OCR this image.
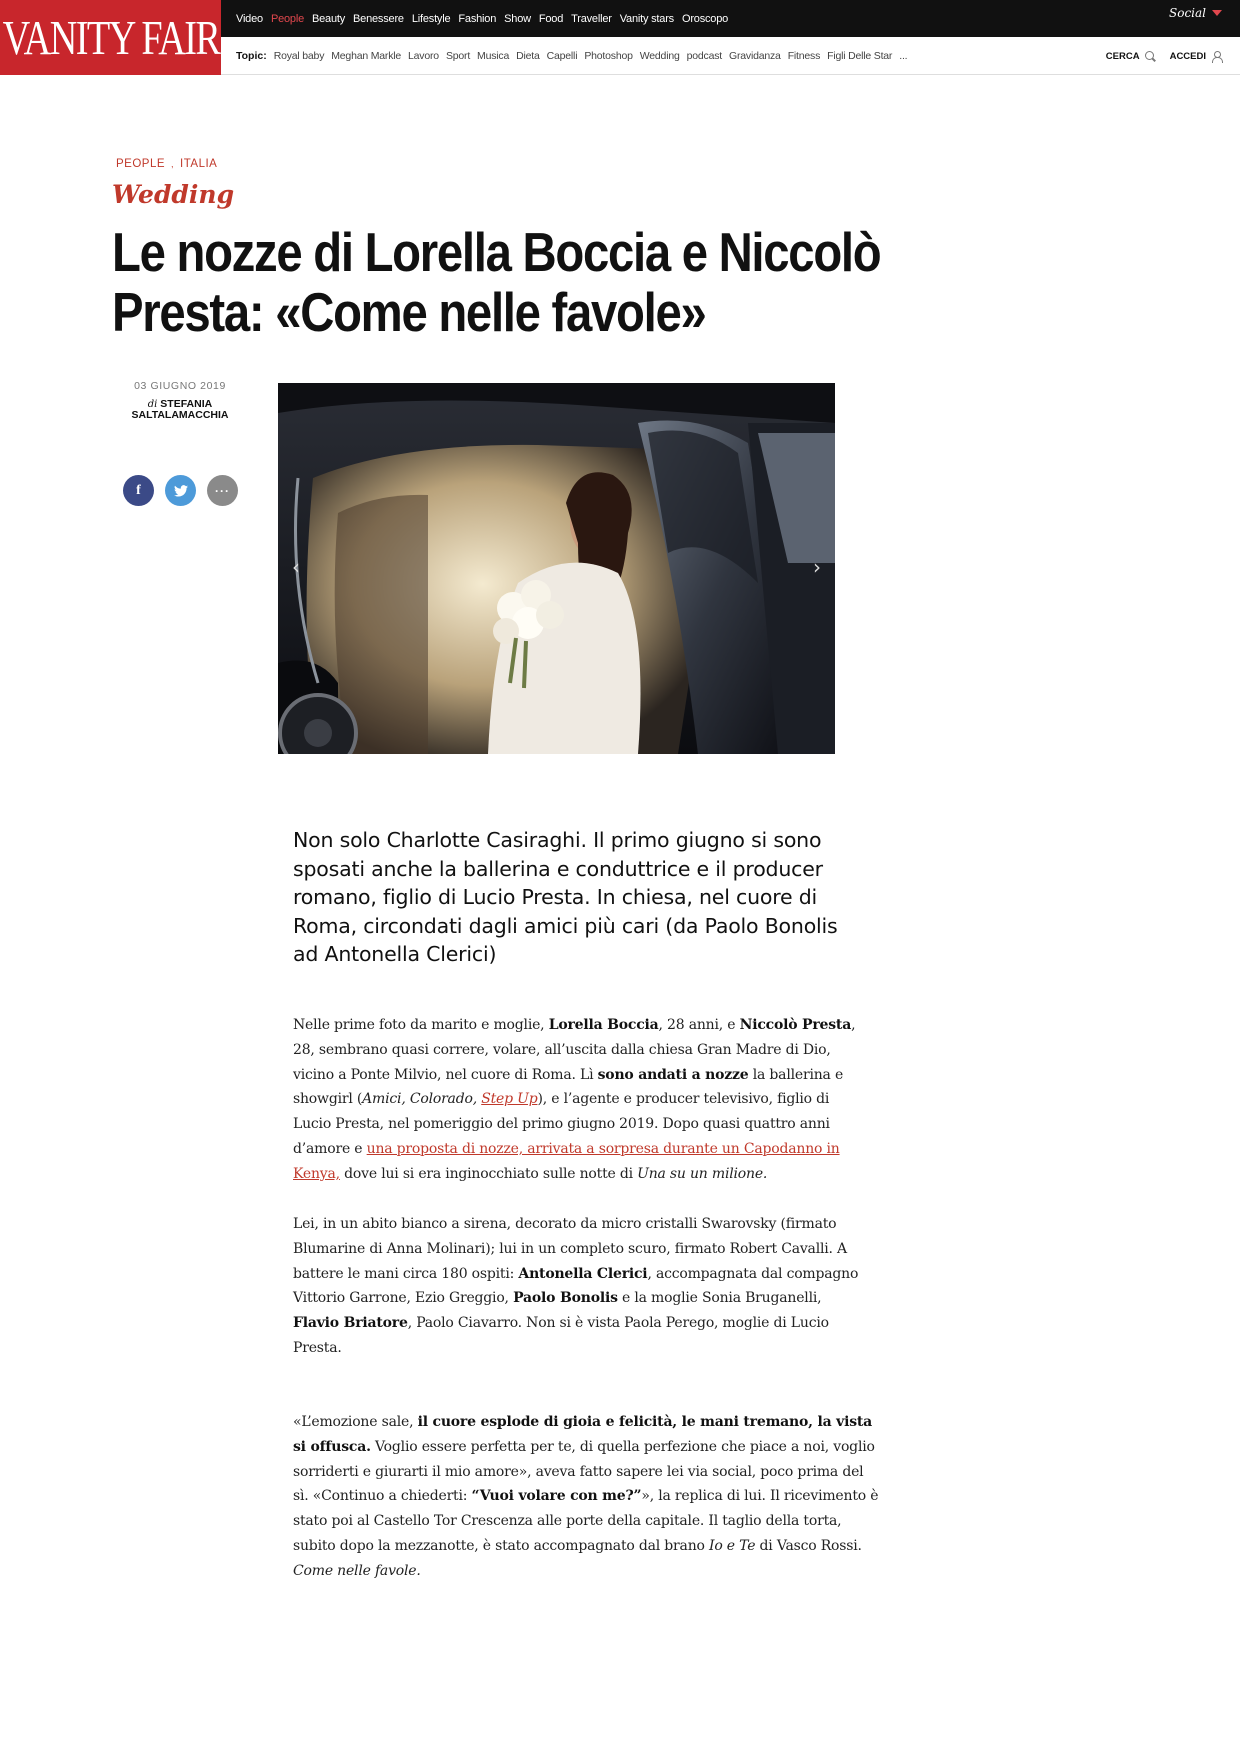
Video People Beauty Benessere Lifestyle Fashion Show Food Traveller Vanity stars Oroscopo	Social
VANITY FAIR Topic: Royal baby Meghan Markle Lavoro Sport Musica Dieta Capelli Photoshop Wedding podcast Gravidanza Fitness Figli Delle Star ...	CERCA	ACCEDI
PEOPLE , ITALIA
Wedding
Le nozze di Lorella Boccia e Niccolò Presta: «Come nelle favole»
03 GIUGNO 2019
di STEFANIA SALTALAMACCHIA
f	···
‹	›

Non solo Charlotte Casiraghi. Il primo giugno si sono sposati anche la ballerina e conduttrice e il producer romano, figlio di Lucio Presta. In chiesa, nel cuore di Roma, circondati dagli amici più cari (da Paolo Bonolis ad Antonella Clerici)

Nelle prime foto da marito e moglie, Lorella Boccia, 28 anni, e Niccolò Presta, 28, sembrano quasi correre, volare, all’uscita dalla chiesa Gran Madre di Dio, vicino a Ponte Milvio, nel cuore di Roma. Lì sono andati a nozze la ballerina e showgirl (Amici, Colorado, Step Up), e l’agente e producer televisivo, figlio di Lucio Presta, nel pomeriggio del primo giugno 2019. Dopo quasi quattro anni d’amore e una proposta di nozze, arrivata a sorpresa durante un Capodanno in Kenya, dove lui si era inginocchiato sulle notte di Una su un milione.

Lei, in un abito bianco a sirena, decorato da micro cristalli Swarovsky (firmato Blumarine di Anna Molinari); lui in un completo scuro, firmato Robert Cavalli. A battere le mani circa 180 ospiti: Antonella Clerici, accompagnata dal compagno Vittorio Garrone, Ezio Greggio, Paolo Bonolis e la moglie Sonia Bruganelli, Flavio Briatore, Paolo Ciavarro. Non si è vista Paola Perego, moglie di Lucio Presta.

«L’emozione sale, il cuore esplode di gioia e felicità, le mani tremano, la vista si offusca. Voglio essere perfetta per te, di quella perfezione che piace a noi, voglio sorriderti e giurarti il mio amore», aveva fatto sapere lei via social, poco prima del sì. «Continuo a chiederti: “Vuoi volare con me?”», la replica di lui. Il ricevimento è stato poi al Castello Tor Crescenza alle porte della capitale. Il taglio della torta, subito dopo la mezzanotte, è stato accompagnato dal brano Io e Te di Vasco Rossi. Come nelle favole.
